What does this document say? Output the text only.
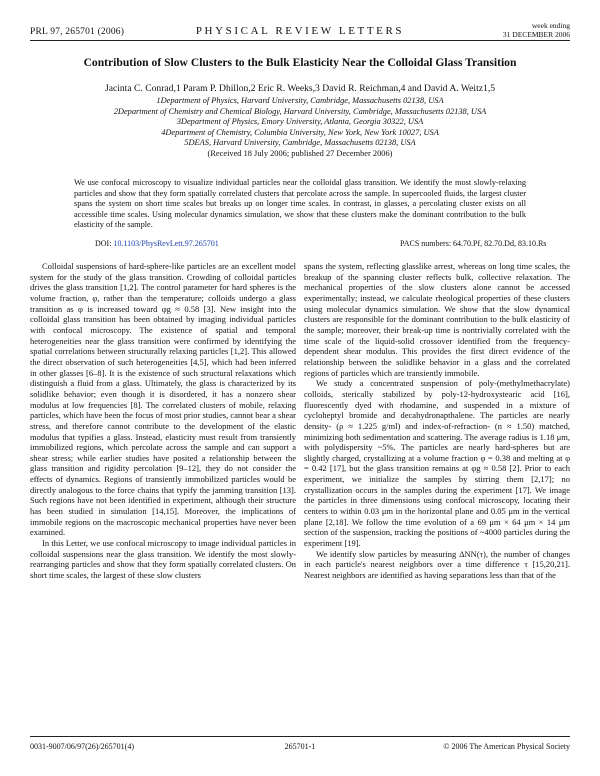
PRL 97, 265701 (2006)	PHYSICAL REVIEW LETTERS	week ending
31 DECEMBER 2006
Contribution of Slow Clusters to the Bulk Elasticity Near the Colloidal Glass Transition
Jacinta C. Conrad,1 Param P. Dhillon,2 Eric R. Weeks,3 David R. Reichman,4 and David A. Weitz1,5
1Department of Physics, Harvard University, Cambridge, Massachusetts 02138, USA
2Department of Chemistry and Chemical Biology, Harvard University, Cambridge, Massachusetts 02138, USA
3Department of Physics, Emory University, Atlanta, Georgia 30322, USA
4Department of Chemistry, Columbia University, New York, New York 10027, USA
5DEAS, Harvard University, Cambridge, Massachusetts 02138, USA
(Received 18 July 2006; published 27 December 2006)
We use confocal microscopy to visualize individual particles near the colloidal glass transition. We identify the most slowly-relaxing particles and show that they form spatially correlated clusters that percolate across the sample. In supercooled fluids, the largest cluster spans the system on short time scales but breaks up on longer time scales. In contrast, in glasses, a percolating cluster exists on all accessible time scales. Using molecular dynamics simulation, we show that these clusters make the dominant contribution to the bulk elasticity of the sample.
DOI: 10.1103/PhysRevLett.97.265701	PACS numbers: 64.70.Pf, 82.70.Dd, 83.10.Rs

Colloidal suspensions of hard-sphere-like particles are an excellent model system for the study of the glass transition. Crowding of colloidal particles drives the glass transition [1,2]. The control parameter for hard spheres is the volume fraction, φ, rather than the temperature; colloids undergo a glass transition as φ is increased toward φg ≈ 0.58 [3]. New insight into the colloidal glass transition has been obtained by imaging individual particles with confocal microscopy. The existence of spatial and temporal heterogeneities near the glass transition were confirmed by identifying the spatial correlations between structurally relaxing particles [1,2]. This allowed the direct observation of such heterogeneities [4,5], which had been inferred in other glasses [6–8]. It is the existence of such structural relaxations which distinguish a fluid from a glass. Ultimately, the glass is characterized by its solidlike behavior; even though it is disordered, it has a nonzero shear modulus at low frequencies [8]. The correlated clusters of mobile, relaxing particles, which have been the focus of most prior studies, cannot bear a shear stress, and therefore cannot contribute to the development of the elastic modulus that typifies a glass. Instead, elasticity must result from transiently immobilized regions, which percolate across the sample and can support a shear stress; while earlier studies have posited a relationship between the glass transition and rigidity percolation [9–12], they do not consider the effects of dynamics. Regions of transiently immobilized particles would be directly analogous to the force chains that typify the jamming transition [13]. Such regions have not been identified in experiment, although their structure has been studied in simulation [14,15]. Moreover, the implications of immobile regions on the macroscopic mechanical properties have never been examined.

In this Letter, we use confocal microscopy to image individual particles in colloidal suspensions near the glass transition. We identify the most slowly-rearranging particles and show that they form spatially correlated clusters. On short time scales, the largest of these slow clusters

spans the system, reflecting glasslike arrest, whereas on long time scales, the breakup of the spanning cluster reflects bulk, collective relaxation. The mechanical properties of the slow clusters alone cannot be accessed experimentally; instead, we calculate rheological properties of these clusters using molecular dynamics simulation. We show that the slow dynamical clusters are responsible for the dominant contribution to the bulk elasticity of the sample; moreover, their break-up time is nontrivially correlated with the time scale of the liquid-solid crossover identified from the frequency-dependent shear modulus. This provides the first direct evidence of the relationship between the solidlike behavior in a glass and the correlated regions of particles which are transiently immobile.

We study a concentrated suspension of poly-(methylmethacrylate) colloids, sterically stabilized by poly-12-hydroxystearic acid [16], fluorescently dyed with rhodamine, and suspended in a mixture of cycloheptyl bromide and decahydronapthalene. The particles are nearly density- (ρ ≈ 1.225 g/ml) and index-of-refraction- (n ≈ 1.50) matched, minimizing both sedimentation and scattering. The average radius is 1.18 μm, with polydispersity ~5%. The particles are nearly hard-spheres but are slightly charged, crystallizing at a volume fraction φ = 0.38 and melting at φ = 0.42 [17], but the glass transition remains at φg ≈ 0.58 [2]. Prior to each experiment, we initialize the samples by stirring them [2,17]; no crystallization occurs in the samples during the experiment [17]. We image the particles in three dimensions using confocal microscopy, locating their centers to within 0.03 μm in the horizontal plane and 0.05 μm in the vertical plane [2,18]. We follow the time evolution of a 69 μm × 64 μm × 14 μm section of the suspension, tracking the positions of ~4000 particles during the experiment [19].

We identify slow particles by measuring ΔNN(τ), the number of changes in each particle's nearest neighbors over a time difference τ [15,20,21]. Nearest neighbors are identified as having separations less than that of the

0031-9007/06/97(26)/265701(4)	265701-1	© 2006 The American Physical Society
